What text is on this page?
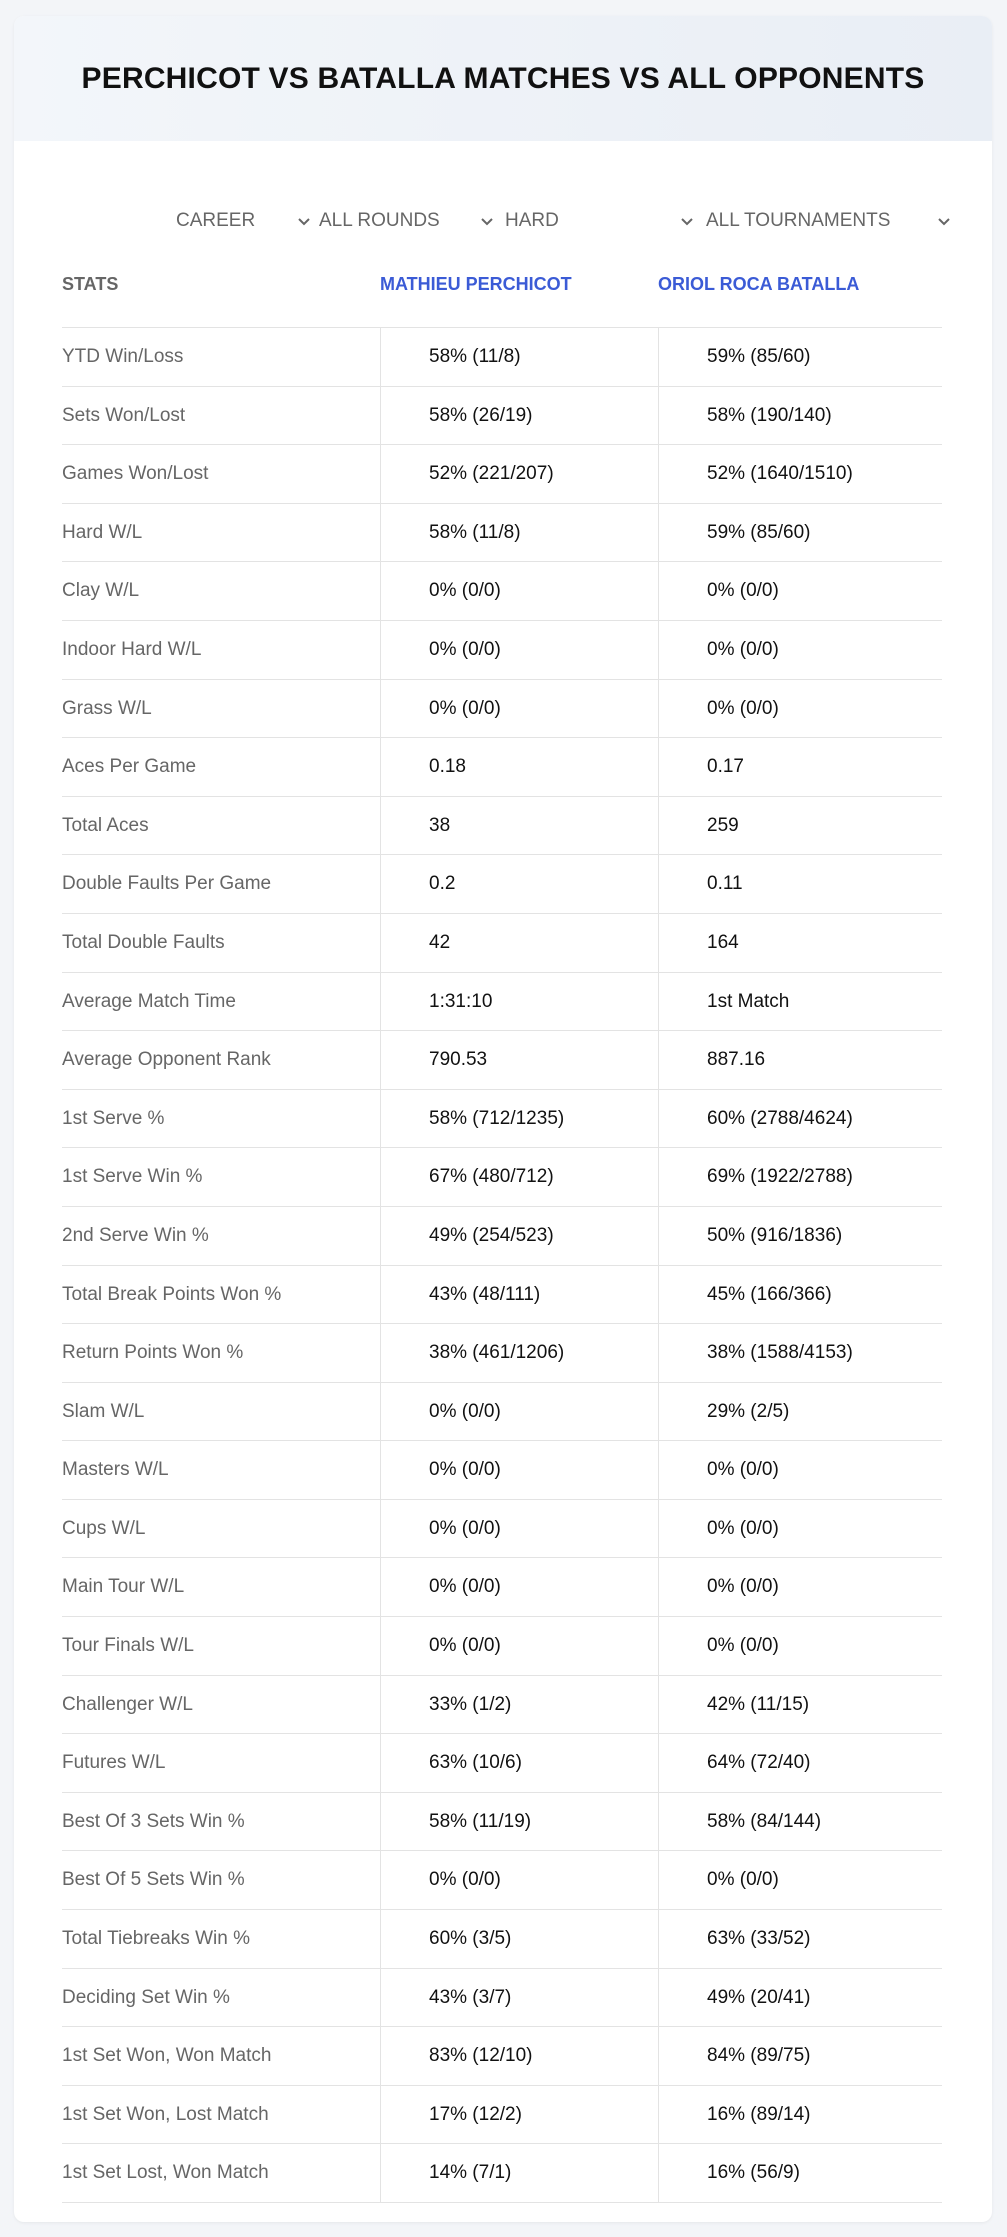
PERCHICOT VS BATALLA MATCHES VS ALL OPPONENTS
CAREER	ALL ROUNDS	HARD	ALL TOURNAMENTS
STATS	MATHIEU PERCHICOT	ORIOL ROCA BATALLA
YTD Win/Loss	58% (11/8)	59% (85/60)
Sets Won/Lost	58% (26/19)	58% (190/140)
Games Won/Lost	52% (221/207)	52% (1640/1510)
Hard W/L	58% (11/8)	59% (85/60)
Clay W/L	0% (0/0)	0% (0/0)
Indoor Hard W/L	0% (0/0)	0% (0/0)
Grass W/L	0% (0/0)	0% (0/0)
Aces Per Game	0.18	0.17
Total Aces	38	259
Double Faults Per Game	0.2	0.11
Total Double Faults	42	164
Average Match Time	1:31:10	1st Match
Average Opponent Rank	790.53	887.16
1st Serve %	58% (712/1235)	60% (2788/4624)
1st Serve Win %	67% (480/712)	69% (1922/2788)
2nd Serve Win %	49% (254/523)	50% (916/1836)
Total Break Points Won %	43% (48/111)	45% (166/366)
Return Points Won %	38% (461/1206)	38% (1588/4153)
Slam W/L	0% (0/0)	29% (2/5)
Masters W/L	0% (0/0)	0% (0/0)
Cups W/L	0% (0/0)	0% (0/0)
Main Tour W/L	0% (0/0)	0% (0/0)
Tour Finals W/L	0% (0/0)	0% (0/0)
Challenger W/L	33% (1/2)	42% (11/15)
Futures W/L	63% (10/6)	64% (72/40)
Best Of 3 Sets Win %	58% (11/19)	58% (84/144)
Best Of 5 Sets Win %	0% (0/0)	0% (0/0)
Total Tiebreaks Win %	60% (3/5)	63% (33/52)
Deciding Set Win %	43% (3/7)	49% (20/41)
1st Set Won, Won Match	83% (12/10)	84% (89/75)
1st Set Won, Lost Match	17% (12/2)	16% (89/14)
1st Set Lost, Won Match	14% (7/1)	16% (56/9)
